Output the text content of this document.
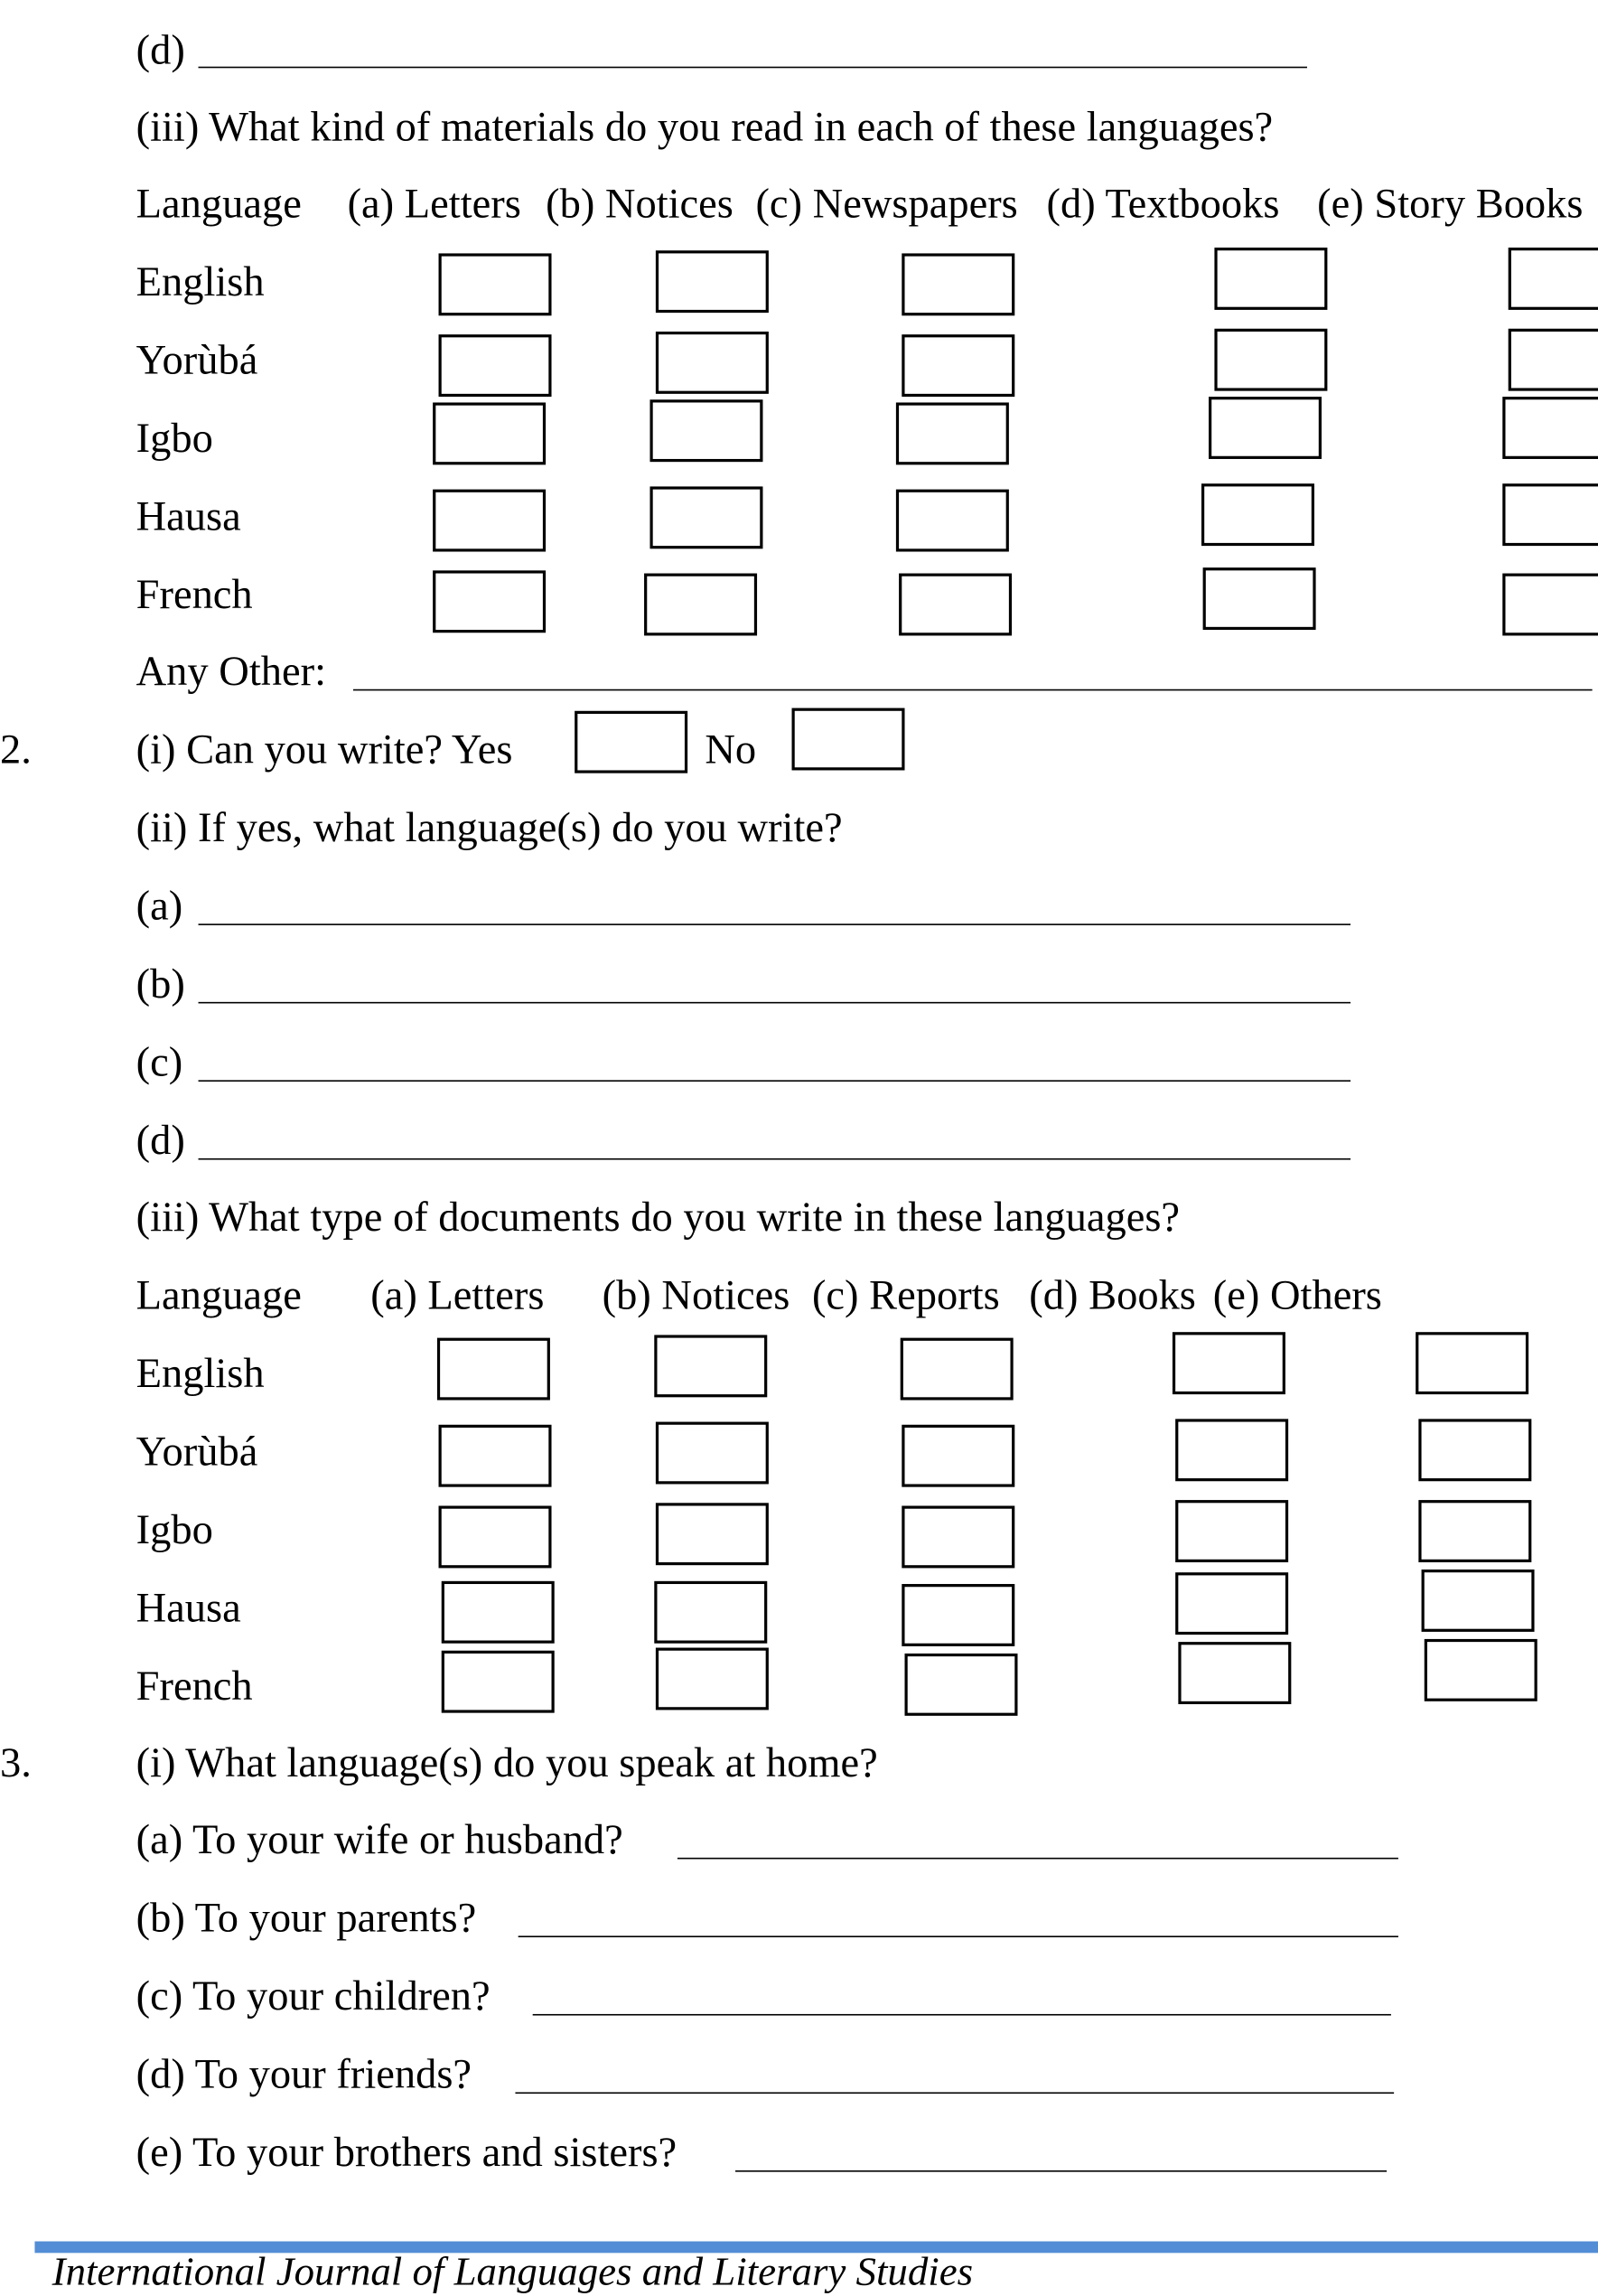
(d)
(iii) What kind of materials do you read in each of these languages?
Language (a) Letters (b) Notices (c) Newspapers (d) Textbooks (e) Story Books
English
Yorùbá
Igbo
Hausa
French
Any Other:
2.	(i) Can you write? Yes	No
(ii) If yes, what language(s) do you write?
(a)
(b)
(c)
(d)
(iii) What type of documents do you write in these languages?
Language	(a) Letters (b) Notices (c) Reports (d) Books (e) Others
English
Yorùbá
Igbo
Hausa
French
3.	(i) What language(s) do you speak at home?
(a) To your wife or husband?
(b) To your parents?
(c) To your children?
(d) To your friends?
(e) To your brothers and sisters?
International Journal of Languages and Literary Studies
